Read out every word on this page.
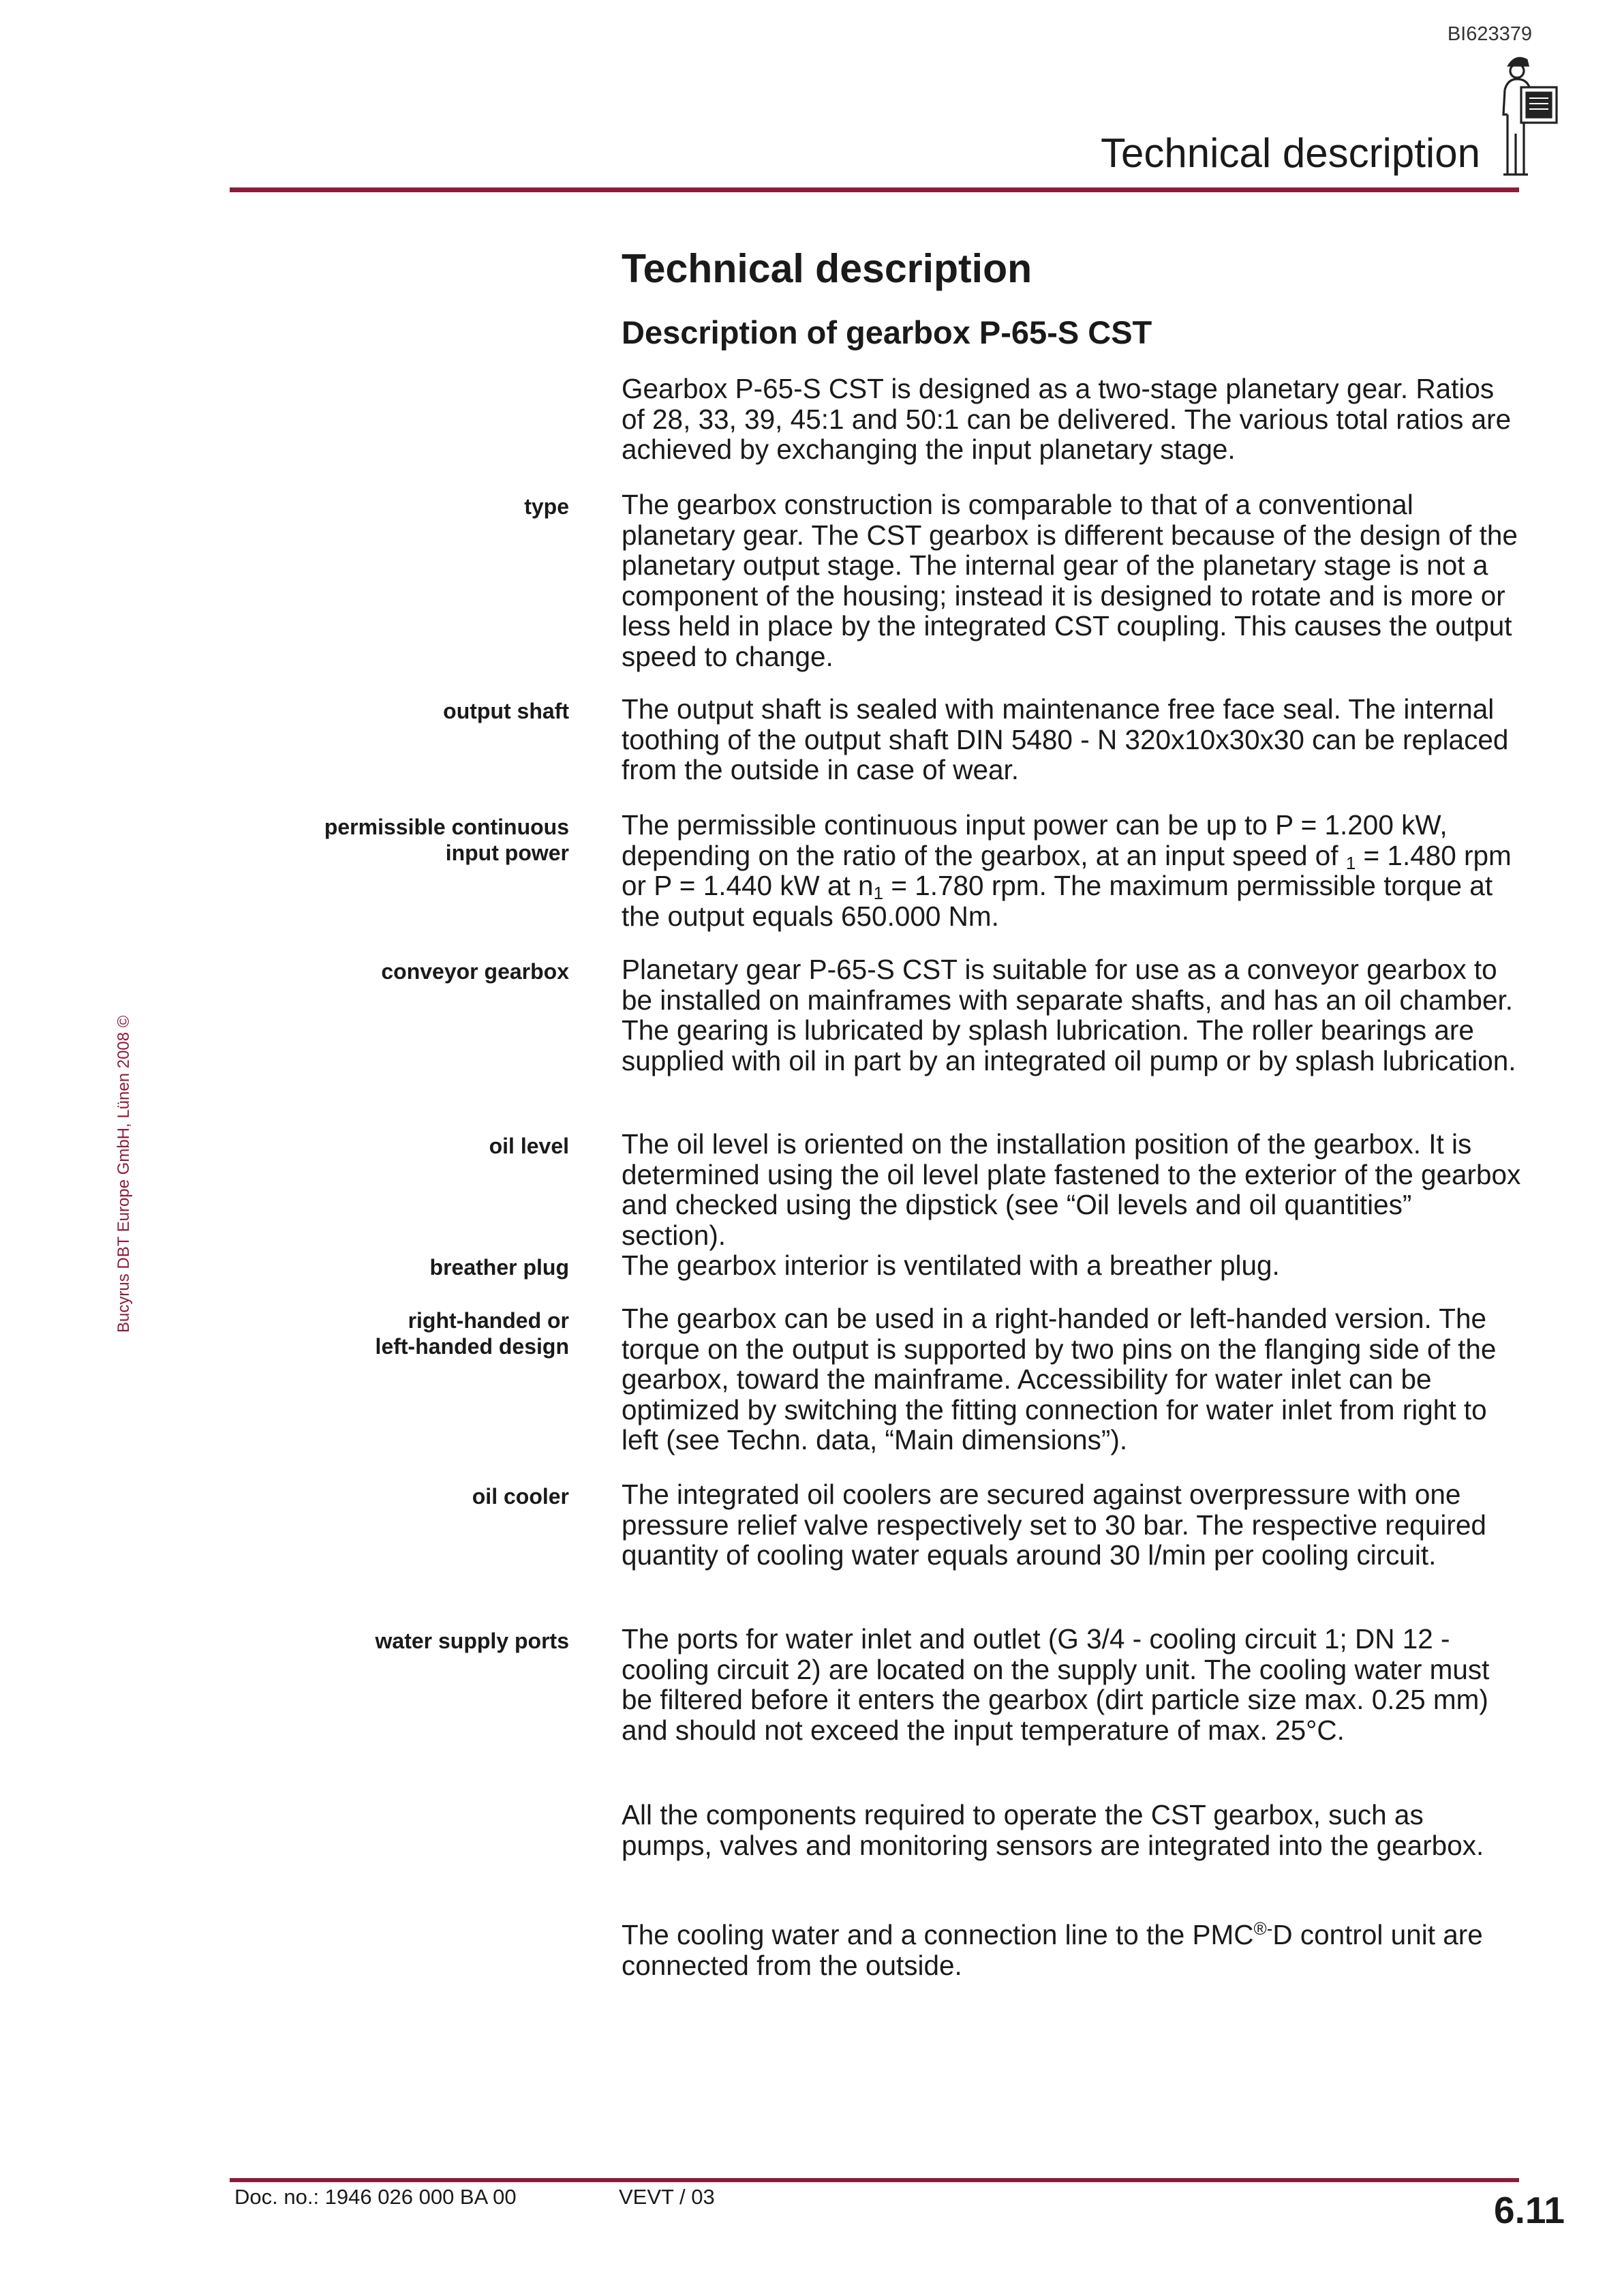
BI623379
Technical description
Bucyrus DBT Europe GmbH, Lünen 2008 ©
Technical description
Description of gearbox P-65-S CST

Gearbox P-65-S CST is designed as a two-stage planetary gear. Ratios of 28, 33, 39, 45:1 and 50:1 can be delivered. The various total ratios are achieved by exchanging the input planetary stage.

type The gearbox construction is comparable to that of a conventional planetary gear. The CST gearbox is different because of the design of the planetary output stage. The internal gear of the planetary stage is not a component of the housing; instead it is designed to rotate and is more or less held in place by the integrated CST coupling. This causes the output speed to change.

output shaft The output shaft is sealed with maintenance free face seal. The internal toothing of the output shaft DIN 5480 - N 320x10x30x30 can be replaced from the outside in case of wear.

permissible continuous
input power

The permissible continuous input power can be up to P = 1.200 kW, depending on the ratio of the gearbox, at an input speed of $_1$ = 1.480 rpm or P = 1.440 kW at $n_1 = 1.780$ rpm. The maximum permissible torque at the output equals 650.000 Nm.

conveyor gearbox Planetary gear P-65-S CST is suitable for use as a conveyor gearbox to be installed on mainframes with separate shafts, and has an oil chamber. The gearing is lubricated by splash lubrication. The roller bearings are supplied with oil in part by an integrated oil pump or by splash lubrication.

oil level The oil level is oriented on the installation position of the gearbox. It is determined using the oil level plate fastened to the exterior of the gearbox and checked using the dipstick (see “Oil levels and oil quantities” section).

breather plug The gearbox interior is ventilated with a breather plug.

right-handed or
left-handed design

The gearbox can be used in a right-handed or left-handed version. The torque on the output is supported by two pins on the flanging side of the gearbox, toward the mainframe. Accessibility for water inlet can be optimized by switching the fitting connection for water inlet from right to left (see Techn. data, “Main dimensions”).

oil cooler The integrated oil coolers are secured against overpressure with one pressure relief valve respectively set to 30 bar. The respective required quantity of cooling water equals around 30 l/min per cooling circuit.

water supply ports The ports for water inlet and outlet (G 3/4 - cooling circuit 1; DN 12 - cooling circuit 2) are located on the supply unit. The cooling water must be filtered before it enters the gearbox (dirt particle size max. 0.25 mm) and should not exceed the input temperature of max. 25°C.

All the components required to operate the CST gearbox, such as pumps, valves and monitoring sensors are integrated into the gearbox.

The cooling water and a connection line to the PMC®-D control unit are connected from the outside.

Doc. no.: 1946 026 000 BA 00	VEVT / 03	6.11
